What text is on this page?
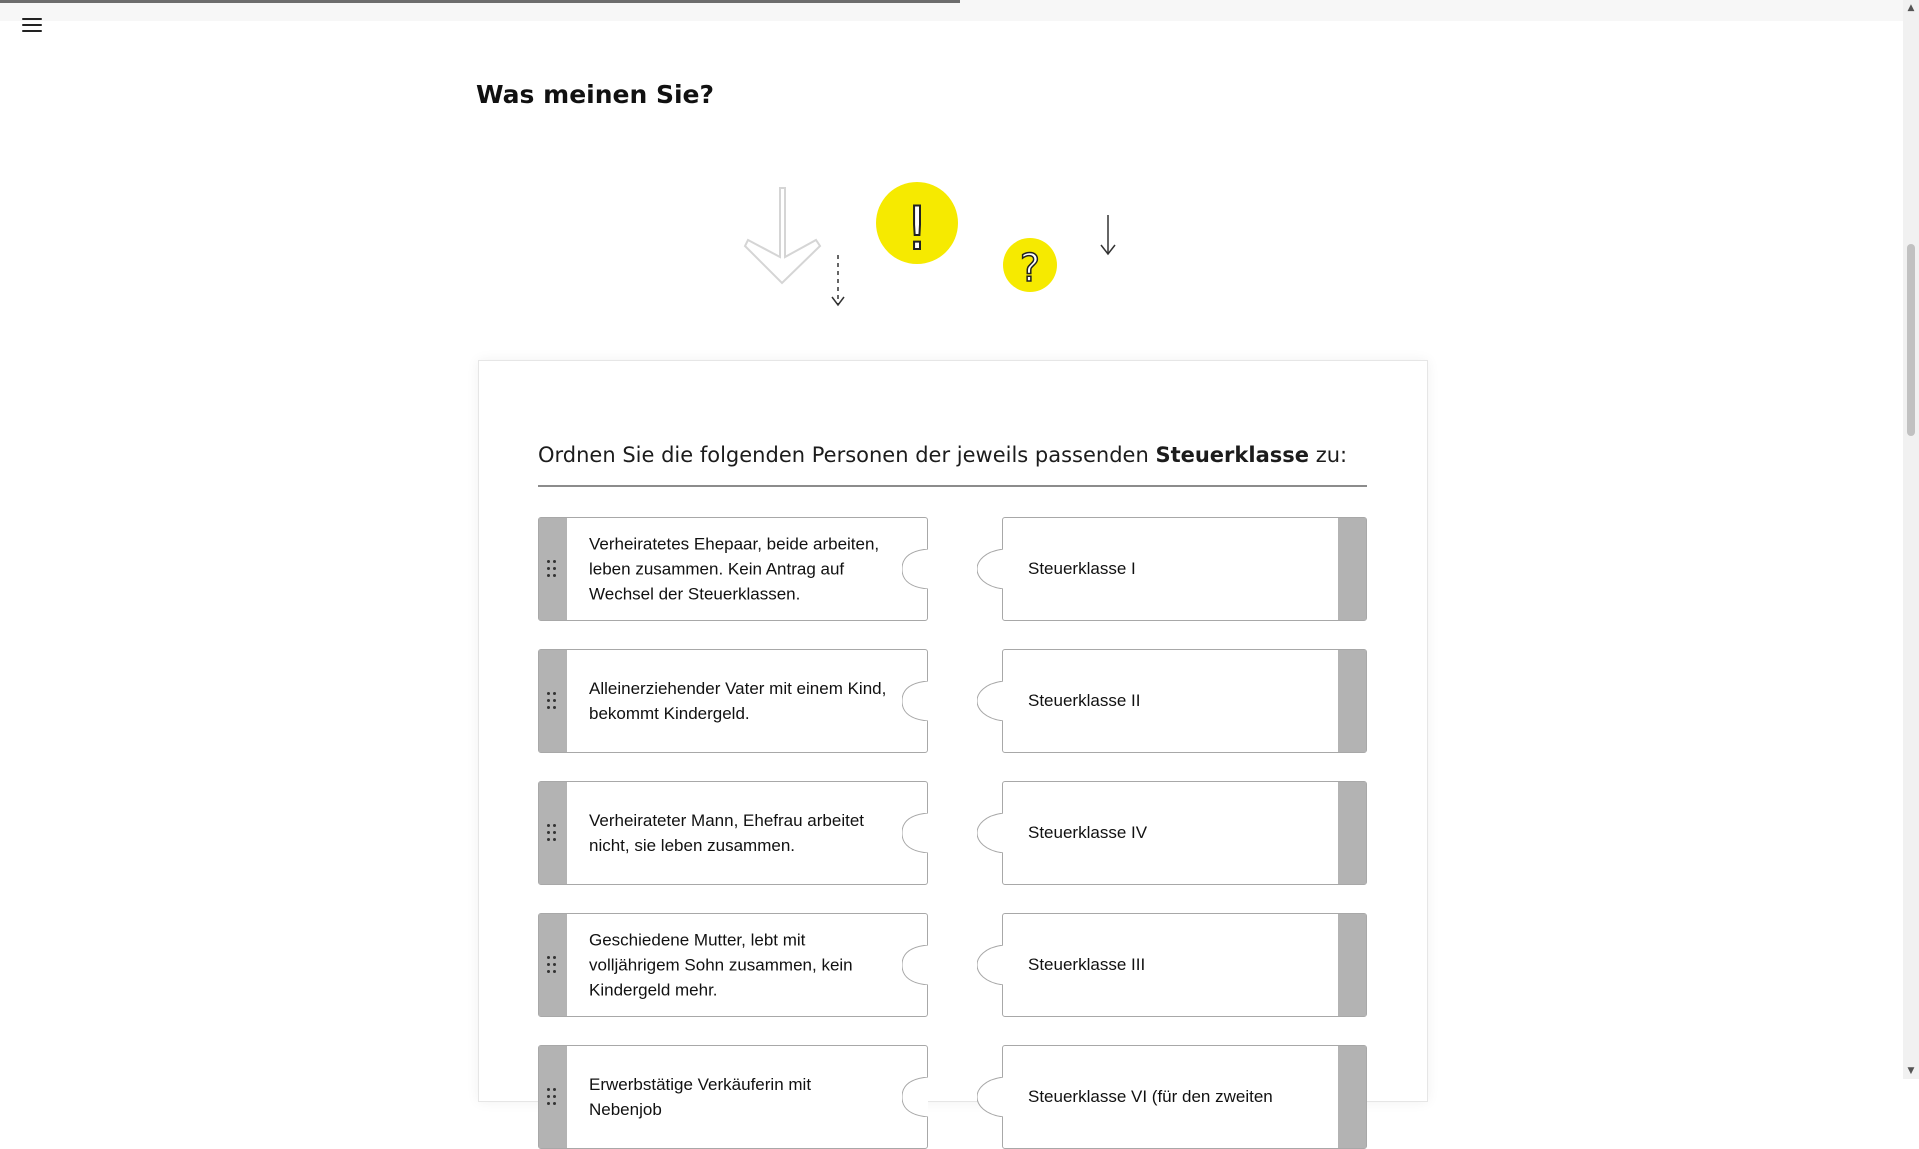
▲
▼
Was meinen Sie?
!
?

Ordnen Sie die folgenden Personen der jeweils passenden Steuerklasse zu:

Verheiratetes Ehepaar, beide arbeiten, leben zusammen. Kein Antrag auf Wechsel der Steuerklassen.
Alleinerziehender Vater mit einem Kind, bekommt Kindergeld.
Verheirateter Mann, Ehefrau arbeitet nicht, sie leben zusammen.
Geschiedene Mutter, lebt mit volljährigem Sohn zusammen, kein Kindergeld mehr.
Erwerbstätige Verkäuferin mit Nebenjob
Steuerklasse I
Steuerklasse II
Steuerklasse IV
Steuerklasse III
Steuerklasse VI (für den zweiten
